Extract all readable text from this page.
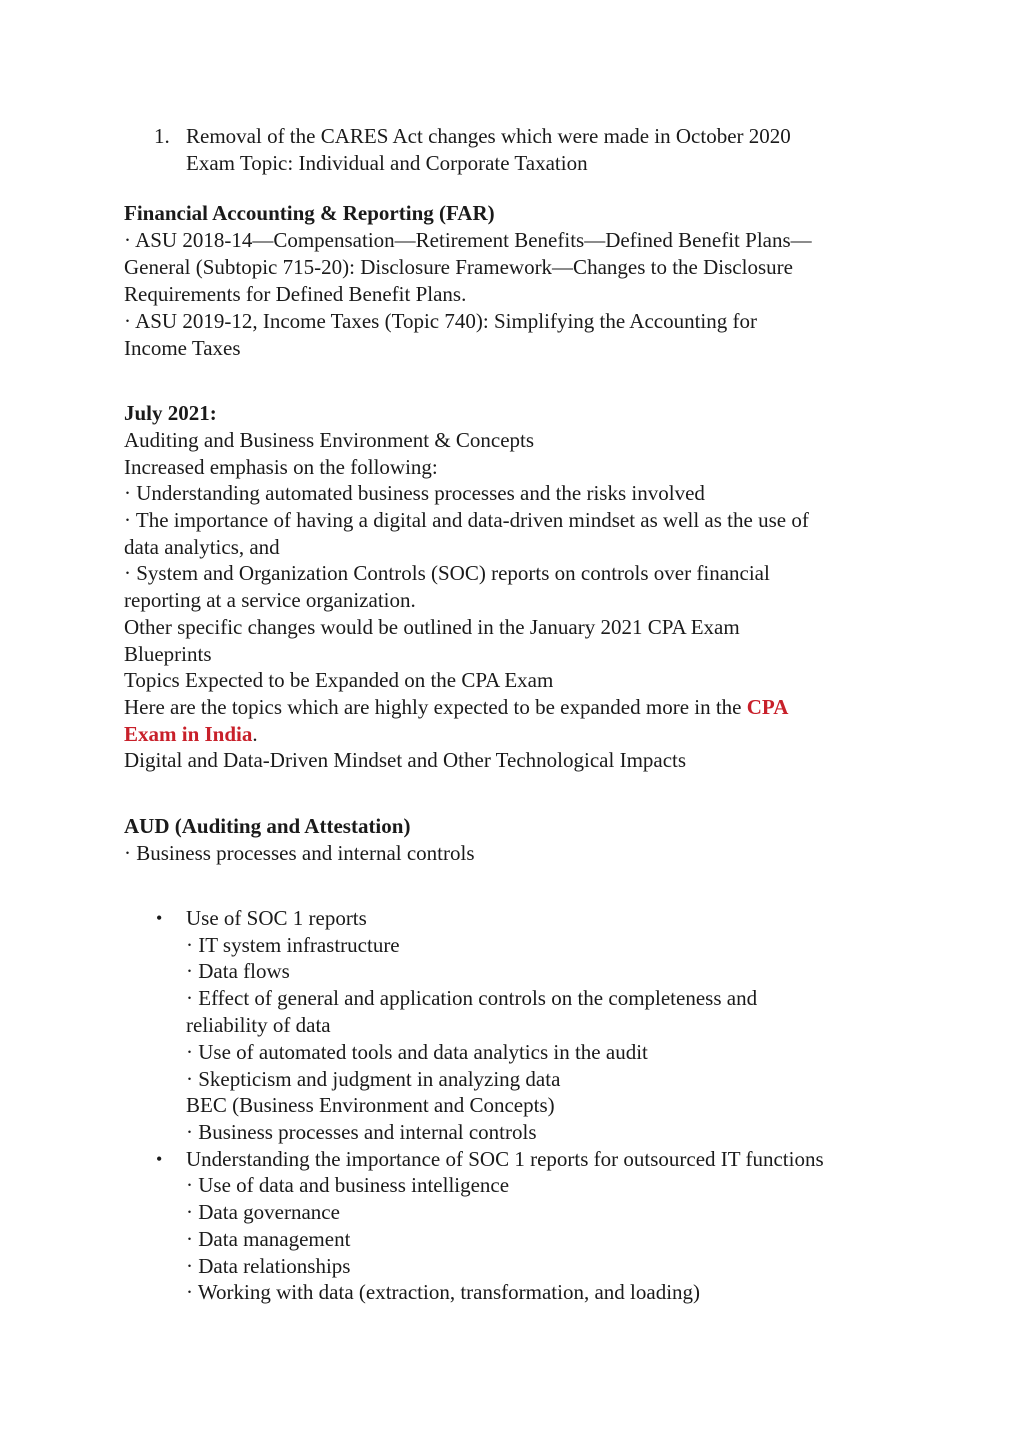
1. Removal of the CARES Act changes which were made in October 2020
Exam Topic: Individual and Corporate Taxation
Financial Accounting & Reporting (FAR)
· ASU 2018-14—Compensation—Retirement Benefits—Defined Benefit Plans—
General (Subtopic 715-20): Disclosure Framework—Changes to the Disclosure
Requirements for Defined Benefit Plans.
· ASU 2019-12, Income Taxes (Topic 740): Simplifying the Accounting for
Income Taxes
July 2021:
Auditing and Business Environment & Concepts
Increased emphasis on the following:
· Understanding automated business processes and the risks involved
· The importance of having a digital and data-driven mindset as well as the use of
data analytics, and
· System and Organization Controls (SOC) reports on controls over financial
reporting at a service organization.
Other specific changes would be outlined in the January 2021 CPA Exam
Blueprints
Topics Expected to be Expanded on the CPA Exam
Here are the topics which are highly expected to be expanded more in the CPA
Exam in India.
Digital and Data-Driven Mindset and Other Technological Impacts
AUD (Auditing and Attestation)
· Business processes and internal controls
• Use of SOC 1 reports
· IT system infrastructure
· Data flows
· Effect of general and application controls on the completeness and
reliability of data
· Use of automated tools and data analytics in the audit
· Skepticism and judgment in analyzing data
BEC (Business Environment and Concepts)
· Business processes and internal controls
• Understanding the importance of SOC 1 reports for outsourced IT functions
· Use of data and business intelligence
· Data governance
· Data management
· Data relationships
· Working with data (extraction, transformation, and loading)
